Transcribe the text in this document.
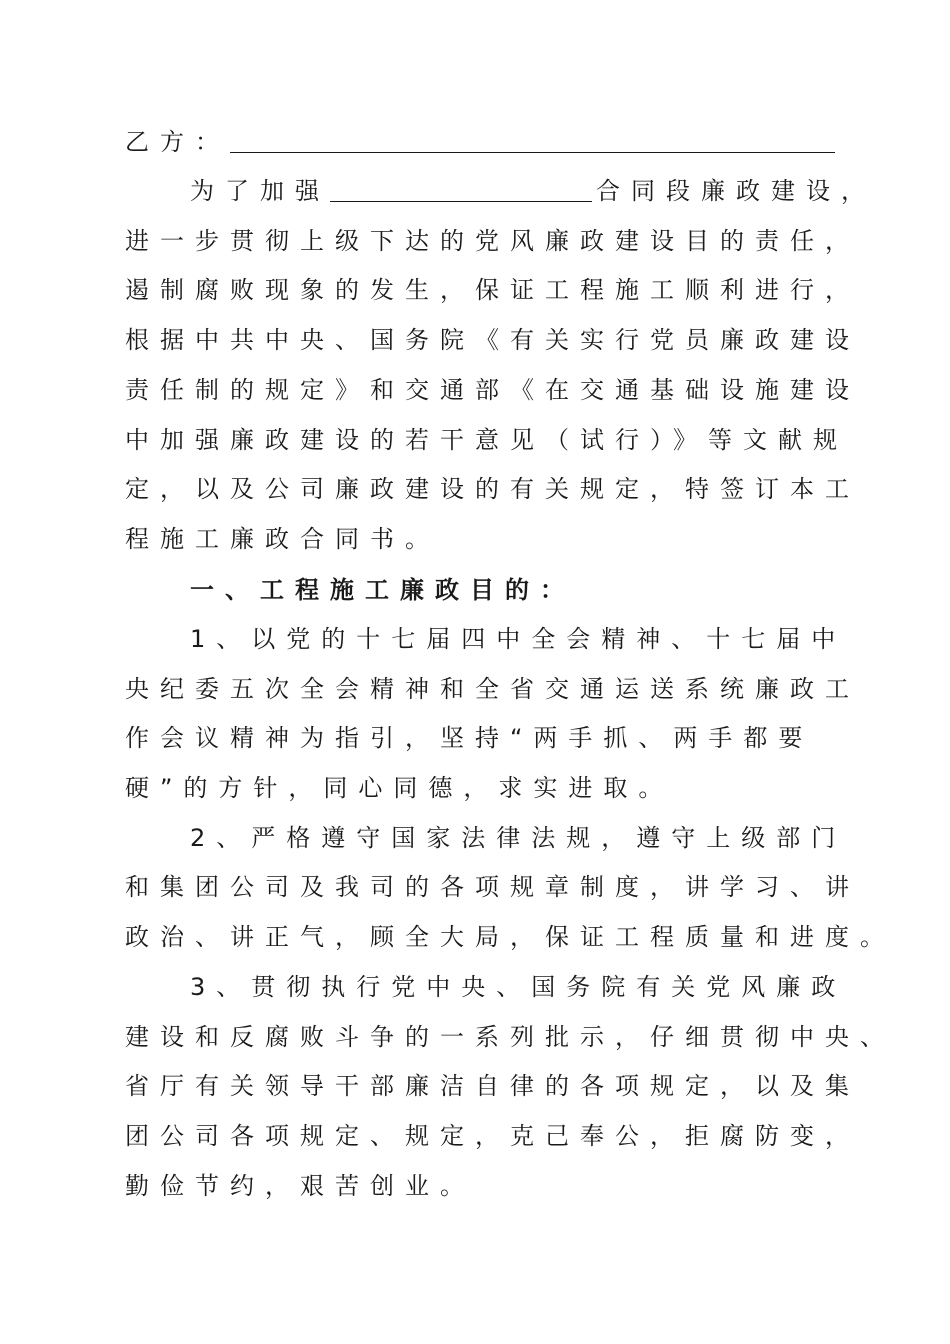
乙方：
为了加强	合同段廉政建设，
进一步贯彻上级下达的党风廉政建设目的责任，
遏制腐败现象的发生，保证工程施工顺利进行，
根据中共中央、国务院《有关实行党员廉政建设
责任制的规定》和交通部《在交通基础设施建设
中加强廉政建设的若干意见（试行）》等文献规
定，以及公司廉政建设的有关规定，特签订本工
程施工廉政合同书。
一、工程施工廉政目的：
1、以党的十七届四中全会精神、十七届中
央纪委五次全会精神和全省交通运送系统廉政工
作会议精神为指引，坚持“两手抓、两手都要
硬”的方针，同心同德，求实进取。
2、严格遵守国家法律法规，遵守上级部门
和集团公司及我司的各项规章制度，讲学习、讲
政治、讲正气，顾全大局，保证工程质量和进度。
3、贯彻执行党中央、国务院有关党风廉政
建设和反腐败斗争的一系列批示，仔细贯彻中央、
省厅有关领导干部廉洁自律的各项规定，以及集
团公司各项规定、规定，克己奉公，拒腐防变，
勤俭节约，艰苦创业。
